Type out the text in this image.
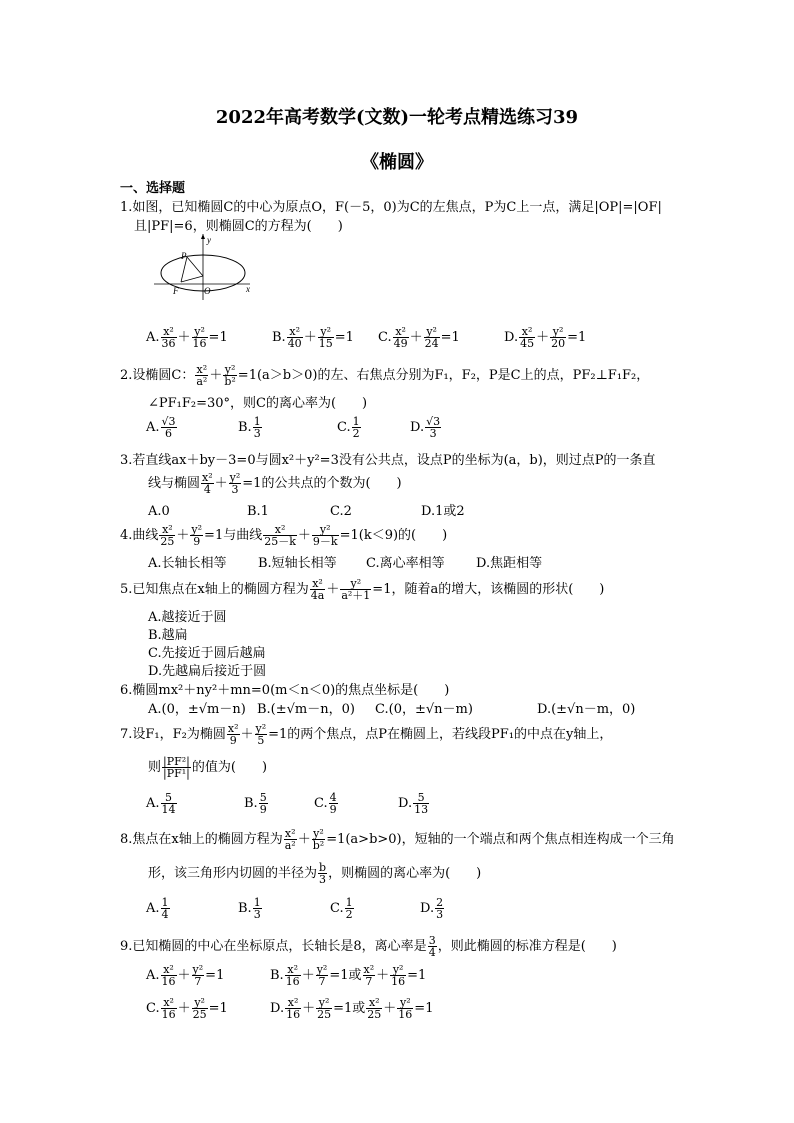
2022年高考数学(文数)一轮考点精选练习39
《椭圆》
一、选择题
1.如图，已知椭圆C的中心为原点O，F(－5，0)为C的左焦点，P为C上一点，满足|OP|=|OF|
且|PF|=6，则椭圆C的方程为(　　)
y
x
P
F	O
A. $\frac{\text{x²}}{36} + \frac{\text{y²}}{16} =1$	B. $\frac{\text{x²}}{40} + \frac{\text{y²}}{15} =1$ C. $\frac{\text{x²}}{49} + \frac{\text{y²}}{24} =1$	D. $\frac{\text{x²}}{45} + \frac{\text{y²}}{20} =1$
2.设椭圆C： $\frac{\text{x²}}{\text{a²}} + \frac{\text{y²}}{\text{b²}} =1(a>b>0)$的左、右焦点分别为F₁，F₂，P是C上的点，PF₂⊥F₁F₂，
∠PF₁F₂=30°，则C的离心率为(　　)
A. $\frac{√3}{6}$	B. $\frac{1}{3}$	C. $\frac{1}{2}$	D. $\frac{√3}{3}$
3.若直线ax＋by－3=0与圆x²＋y²=3没有公共点，设点P的坐标为(a，b)，则过点P的一条直
线与椭圆 $\frac{\text{x²}}{4} + \frac{\text{y²}}{3} =1$的公共点的个数为(　　)
A.0	B.1	C.2	D.1或2
4.曲线 $\frac{\text{x²}}{25} + \frac{\text{y²}}{9} =1$与曲线 $\frac{\text{x²}}{25-k} + \frac{\text{y²}}{9-k} =1(k<9)$的(　　)
A.长轴长相等 B.短轴长相等 C.离心率相等 D.焦距相等
5.已知焦点在x轴上的椭圆方程为 $\frac{\text{x²}}{4a} + \frac{\text{y²}}{\text{a²＋1}} =1$，随着a的增大，该椭圆的形状(　　)
A.越接近于圆
B.越扁
C.先接近于圆后越扁
D.先越扁后接近于圆
6.椭圆mx²＋ny²＋mn=0(m＜n＜0)的焦点坐标是(　　)
A.(0，±√m－n) B.(±√m－n，0) C.(0，±√n－m)	D.(±√n－m，0)
7.设F₁，F₂为椭圆 $\frac{\text{x²}}{9} + \frac{\text{y²}}{5} =1$的两个焦点，点P在椭圆上，若线段PF₁的中点在y轴上，
则 $\frac{\text{|PF²|}}{\text{|PF¹|}}$ 的值为(　　)
A. $\frac{5}{14}$	B. $\frac{5}{9}$	C. $\frac{4}{9}$	D. $\frac{5}{13}$
8.焦点在x轴上的椭圆方程为 $\frac{\text{x²}}{\text{a²}} + \frac{\text{y²}}{\text{b²}} =1(a>b>0)$，短轴的一个端点和两个焦点相连构成一个三角
形，该三角形内切圆的半径为 $\frac{b}{3}$ ，则椭圆的离心率为(　　)
A. $\frac{1}{4}$	B. $\frac{1}{3}$	C. $\frac{1}{2}$	D. $\frac{2}{3}$
9.已知椭圆的中心在坐标原点，长轴长是8，离心率是 $\frac{3}{4}$ ，则此椭圆的标准方程是(　　)
A. $\frac{\text{x²}}{16} + \frac{\text{y²}}{7} =1$	B. $\frac{\text{x²}}{16} + \frac{\text{y²}}{7} =1$或 $\frac{\text{x²}}{7} + \frac{\text{y²}}{16} =1$
C. $\frac{\text{x²}}{16} + \frac{\text{y²}}{25} =1$	D. $\frac{\text{x²}}{16} + \frac{\text{y²}}{25} =1$或 $\frac{\text{x²}}{25} + \frac{\text{y²}}{16} =1$
